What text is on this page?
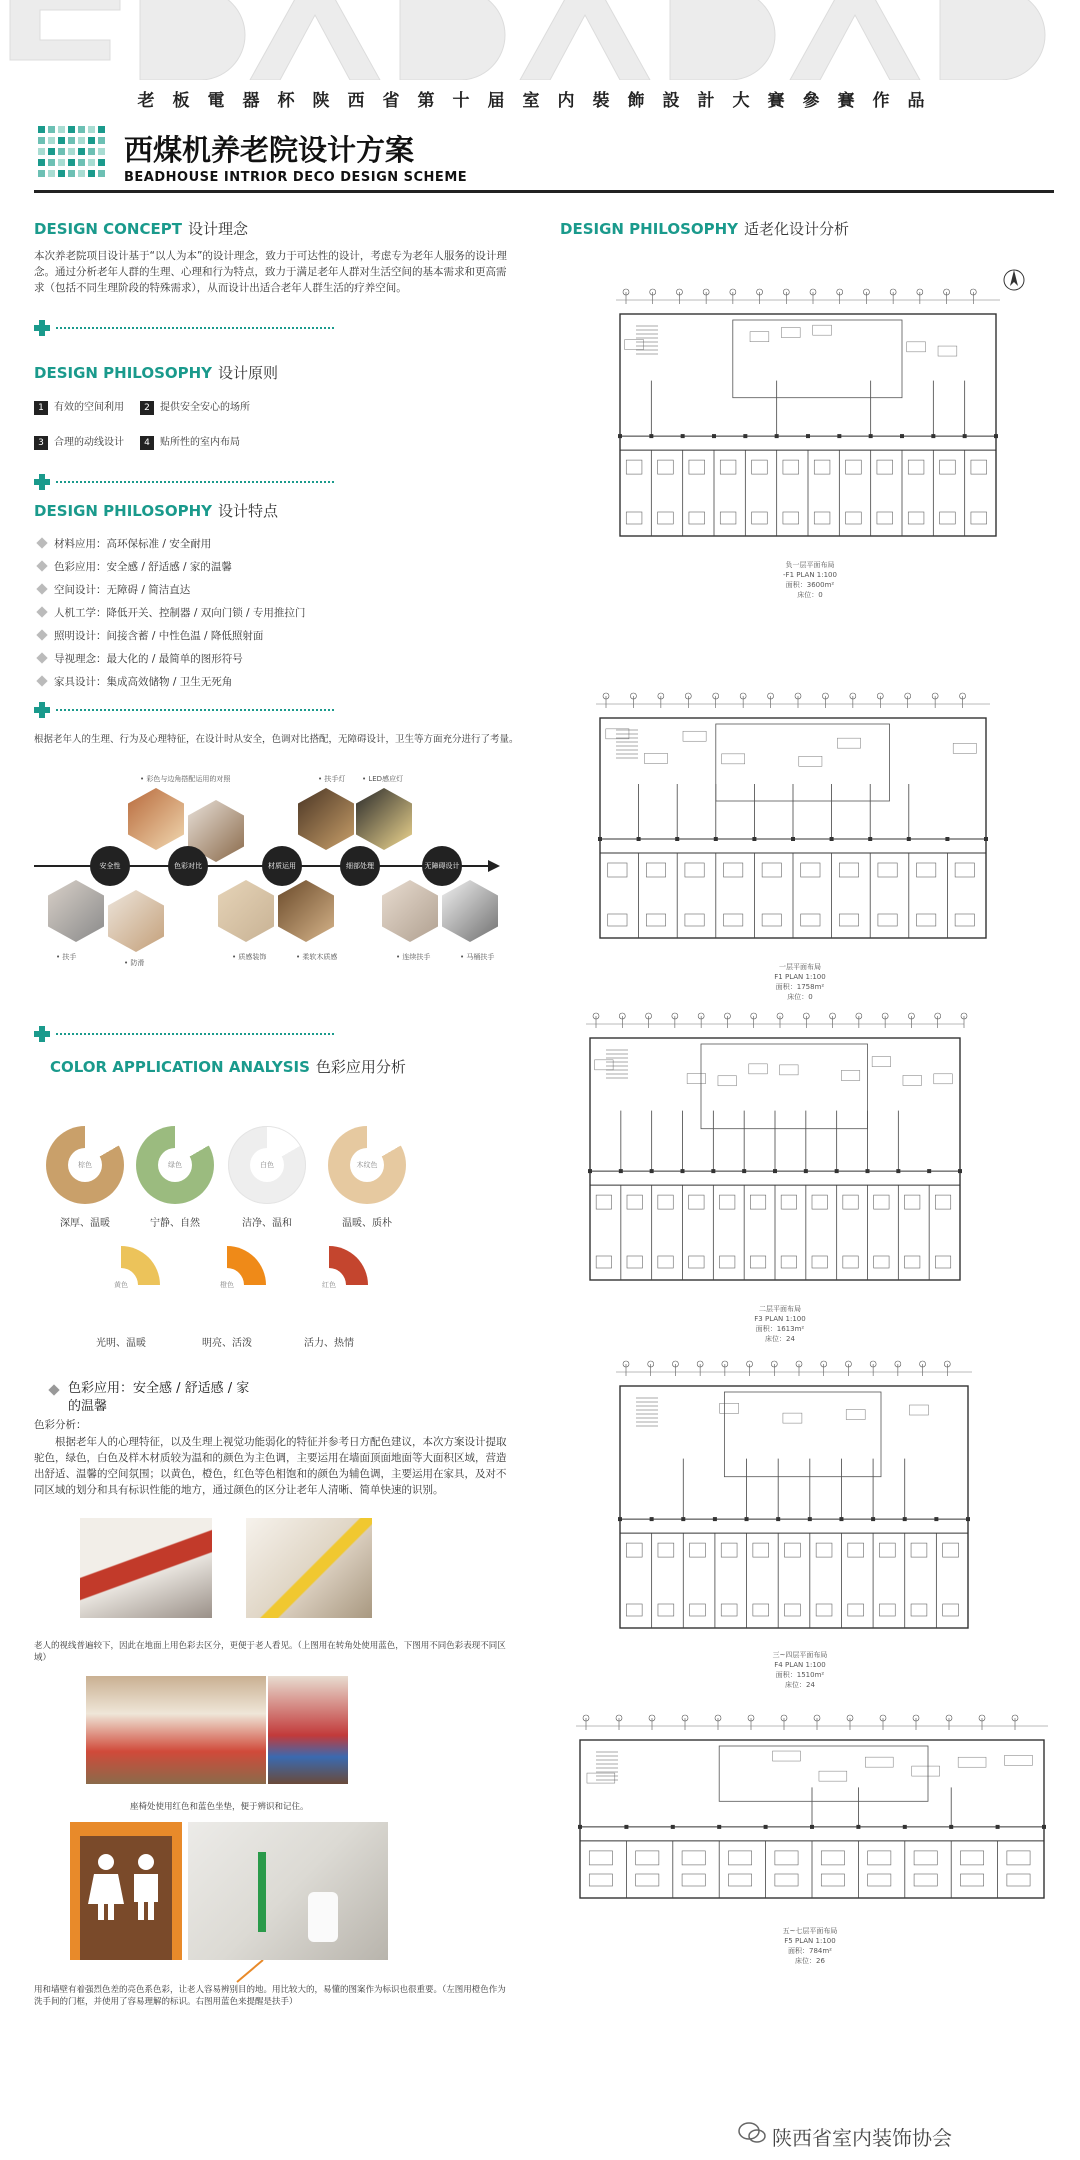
老板電器杯陕西省第十届室内裝飾設計大賽參賽作品
西煤机养老院设计方案
BEADHOUSE INTRIOR DECO DESIGN SCHEME
DESIGN CONCEPT 设计理念
本次养老院项目设计基于“以人为本”的设计理念，致力于可达性的设计，考虑专为老年人服务的设计理念。通过分析老年人群的生理、心理和行为特点，致力于满足老年人群对生活空间的基本需求和更高需求（包括不同生理阶段的特殊需求），从而设计出适合老年人群生活的疗养空间。
DESIGN PHILOSOPHY 设计原则
1 有效的空间利用	2 提供安全安心的场所
3 合理的动线设计	4 贴所性的室内布局
DESIGN PHILOSOPHY 设计特点
材料应用：高环保标准 / 安全耐用
色彩应用：安全感 / 舒适感 / 家的温馨
空间设计：无障碍 / 简洁直达
人机工学：降低开关、控制器 / 双向门锁 / 专用推拉门
照明设计：间接含蓄 / 中性色温 / 降低照射面
导视理念：最大化的 / 最简单的图形符号
家具设计：集成高效储物 / 卫生无死角
根据老年人的生理、行为及心理特征，在设计时从安全，色调对比搭配，无障碍设计，卫生等方面充分进行了考量。
• 彩色与边角搭配运用的对照	• 扶手灯 • LED感应灯
安全性	色彩对比	材质运用	细部处理	无障碍设计
• 扶手
• 防滑
• 质感装饰	• 柔软木质感	• 连续扶手	• 马桶扶手
COLOR APPLICATION ANALYSIS 色彩应用分析
棕色	绿色	白色	木纹色
深厚、温暖	宁静、自然	洁净、温和	温暖、质朴
黄色	橙色	红色
光明、温暖	明亮、活泼	活力、热情
色彩应用：安全感 / 舒适感 / 家的温馨
色彩分析：
根据老年人的心理特征，以及生理上视觉功能弱化的特征并参考日方配色建议，本次方案设计提取驼色，绿色，白色及样木材质较为温和的颜色为主色调，主要运用在墙面顶面地面等大面积区域，营造出舒适、温馨的空间氛围；以黄色，橙色，红色等色相饱和的颜色为辅色调，主要运用在家具，及对不同区域的划分和具有标识性能的地方，通过颜色的区分让老年人清晰、简单快速的识别。
老人的视线普遍较下，因此在地面上用色彩去区分，更便于老人看见。（上图用在转角处使用蓝色，下图用不同色彩表现不同区域）
座椅处使用红色和蓝色坐垫，便于辨识和记住。
用和墙壁有着强烈色差的亮色系色彩，让老人容易辨别目的地。用比较大的，易懂的图案作为标识也很重要。（左图用橙色作为洗手间的门框，并使用了容易理解的标识。右图用蓝色来提醒是扶手）
DESIGN PHILOSOPHY 适老化设计分析
负一层平面布局
-F1 PLAN 1:100
面积：3600m²
床位：0
一层平面布局
F1 PLAN 1:100
面积：1758m²
床位：0
二层平面布局
F3 PLAN 1:100
面积：1613m²
床位：24
三~四层平面布局
F4 PLAN 1:100
面积：1510m²
床位：24
五~七层平面布局
F5 PLAN 1:100
面积：784m²
床位：26
陕西省室内装饰协会
